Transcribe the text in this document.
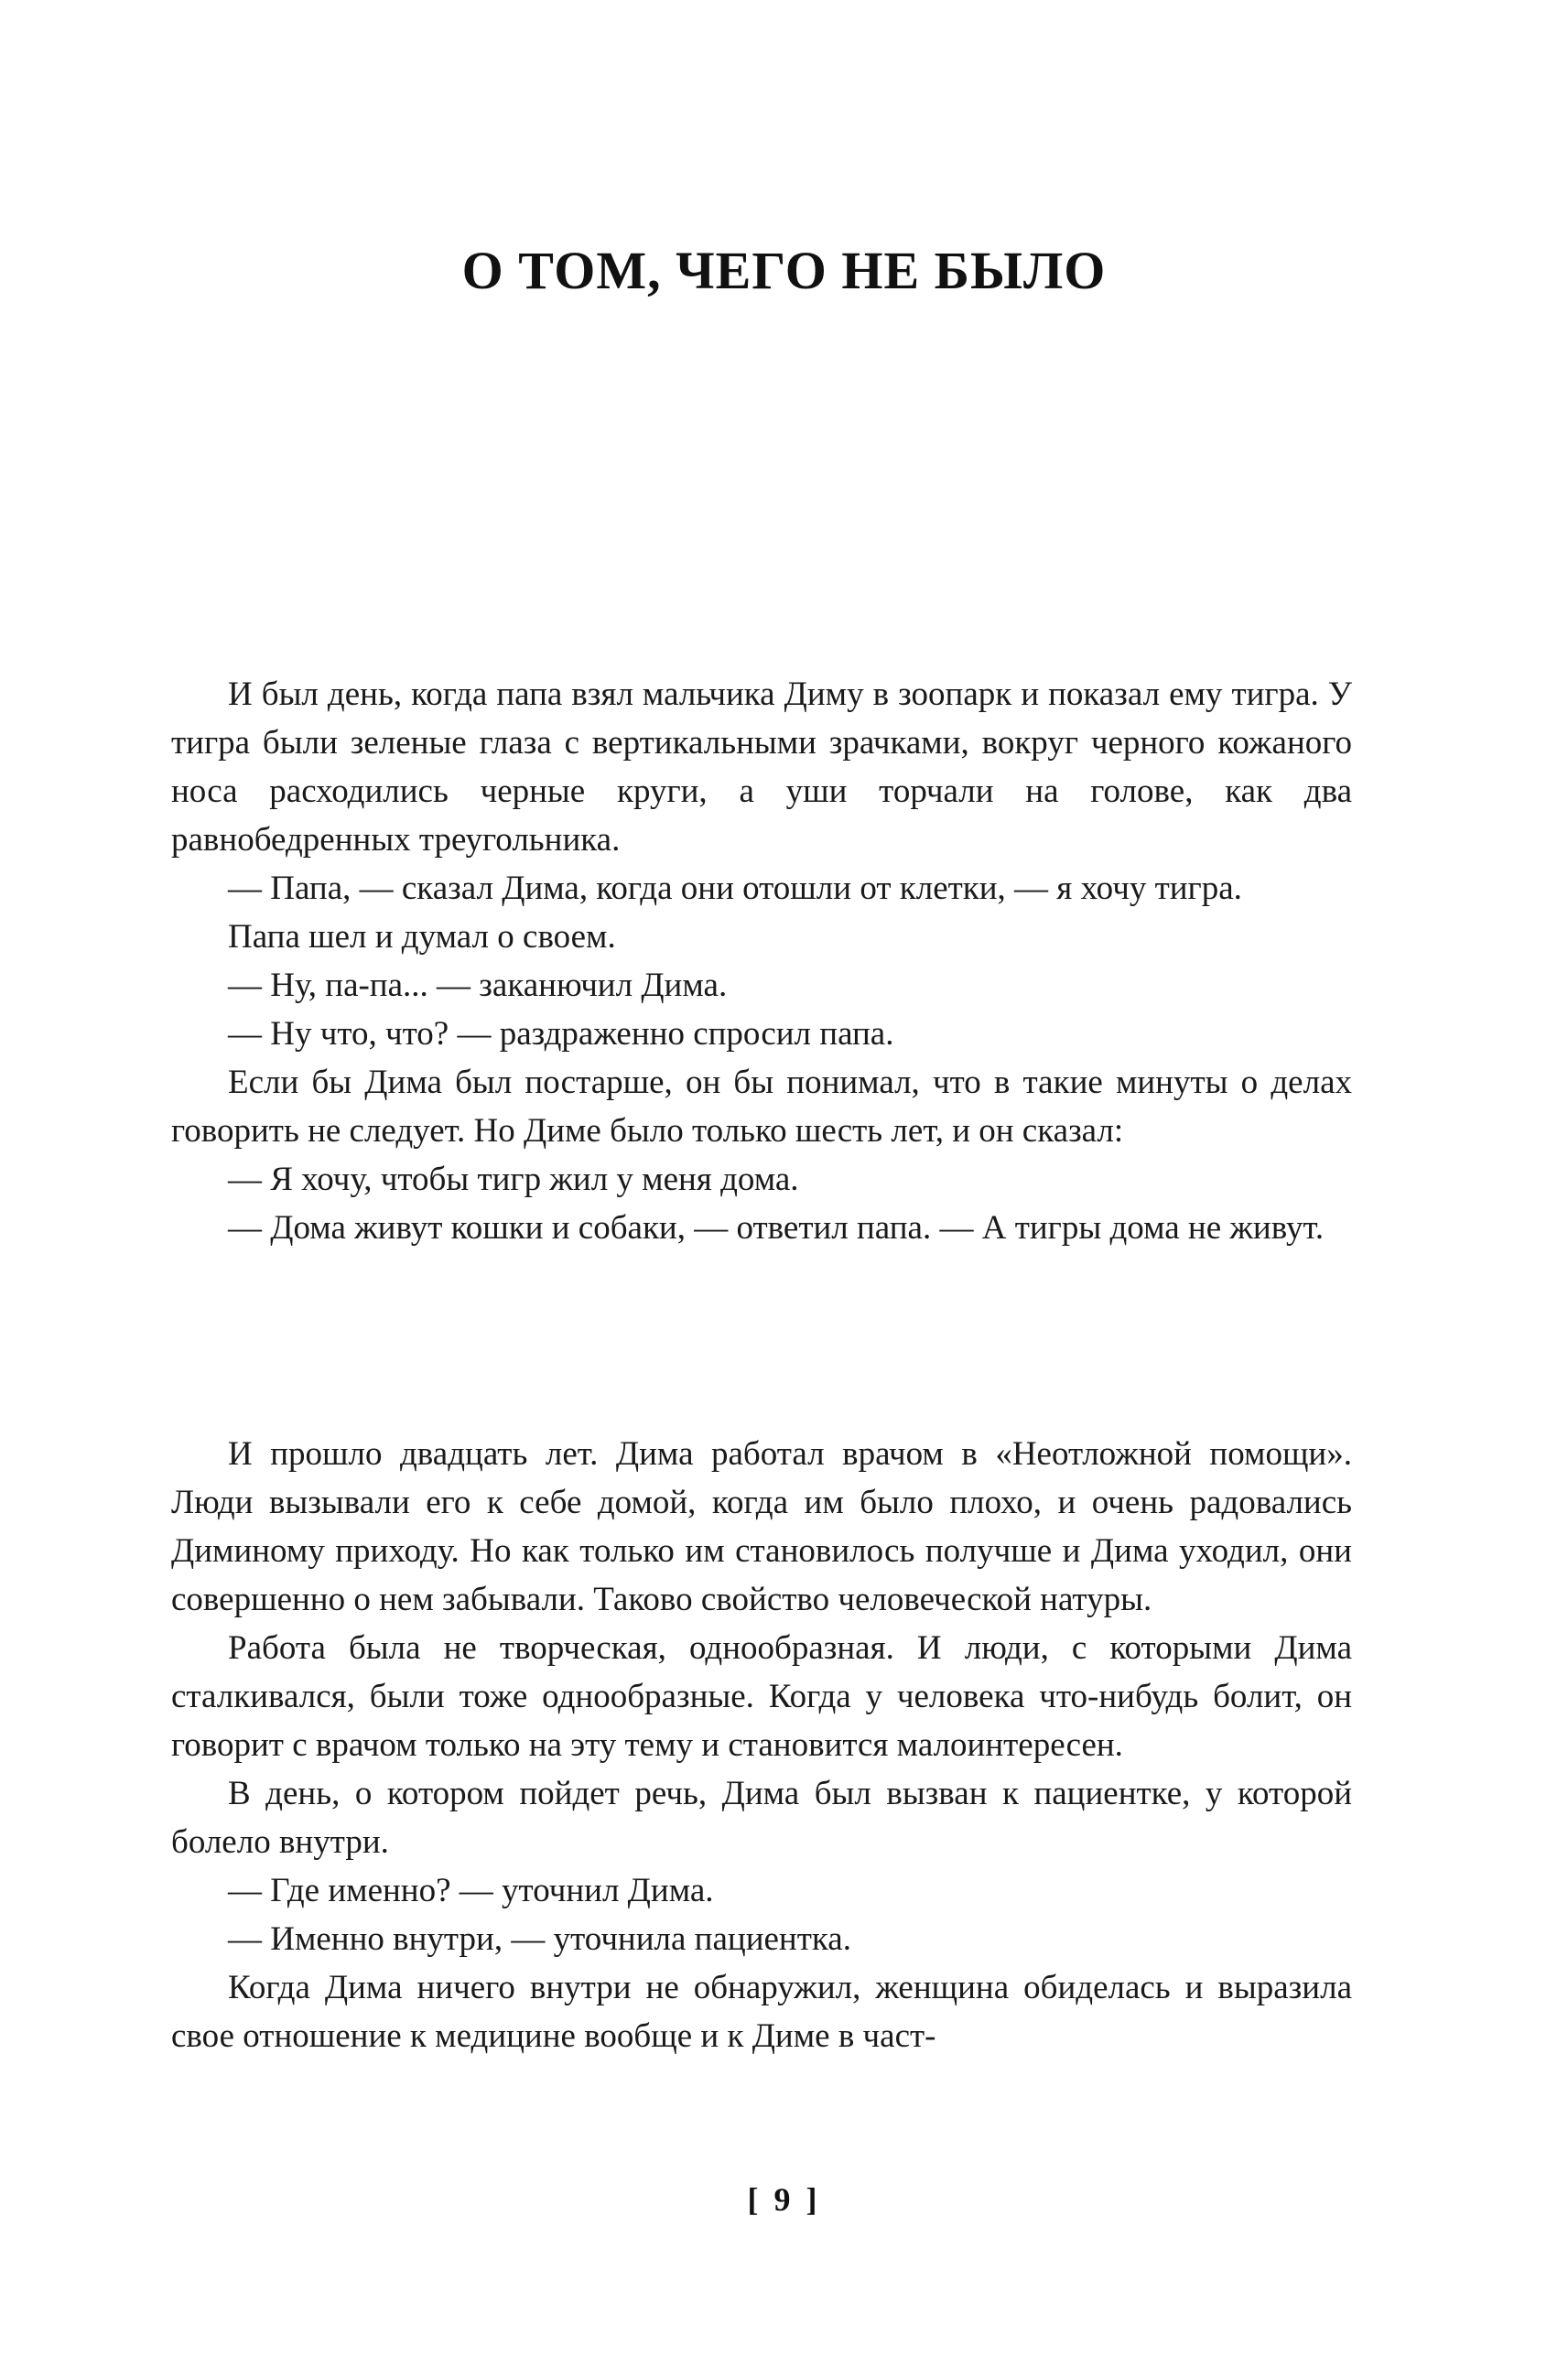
О ТОМ, ЧЕГО НЕ БЫЛО

И был день, когда папа взял мальчика Диму в зоопарк и показал ему тигра. У тигра были зеленые глаза с вертикальными зрачками, вокруг черного кожаного носа расходились черные круги, а уши торчали на голове, как два равнобедренных треугольника.

— Папа, — сказал Дима, когда они отошли от клетки, — я хочу тигра.

Папа шел и думал о своем.

— Ну, па-па... — заканючил Дима.

— Ну что, что? — раздраженно спросил папа.

Если бы Дима был постарше, он бы понимал, что в такие минуты о делах говорить не следует. Но Диме было только шесть лет, и он сказал:

— Я хочу, чтобы тигр жил у меня дома.

— Дома живут кошки и собаки, — ответил папа. — А тигры дома не живут.

И прошло двадцать лет. Дима работал врачом в «Неотложной помощи». Люди вызывали его к себе домой, когда им было плохо, и очень радовались Диминому приходу. Но как только им становилось получше и Дима уходил, они совершенно о нем забывали. Таково свойство человеческой натуры.

Работа была не творческая, однообразная. И люди, с которыми Дима сталкивался, были тоже однообразные. Когда у человека что-нибудь болит, он говорит с врачом только на эту тему и становится малоинтересен.

В день, о котором пойдет речь, Дима был вызван к пациентке, у которой болело внутри.

— Где именно? — уточнил Дима.

— Именно внутри, — уточнила пациентка.

Когда Дима ничего внутри не обнаружил, женщина обиделась и выразила свое отношение к медицине вообще и к Диме в част-

[ 9 ]
